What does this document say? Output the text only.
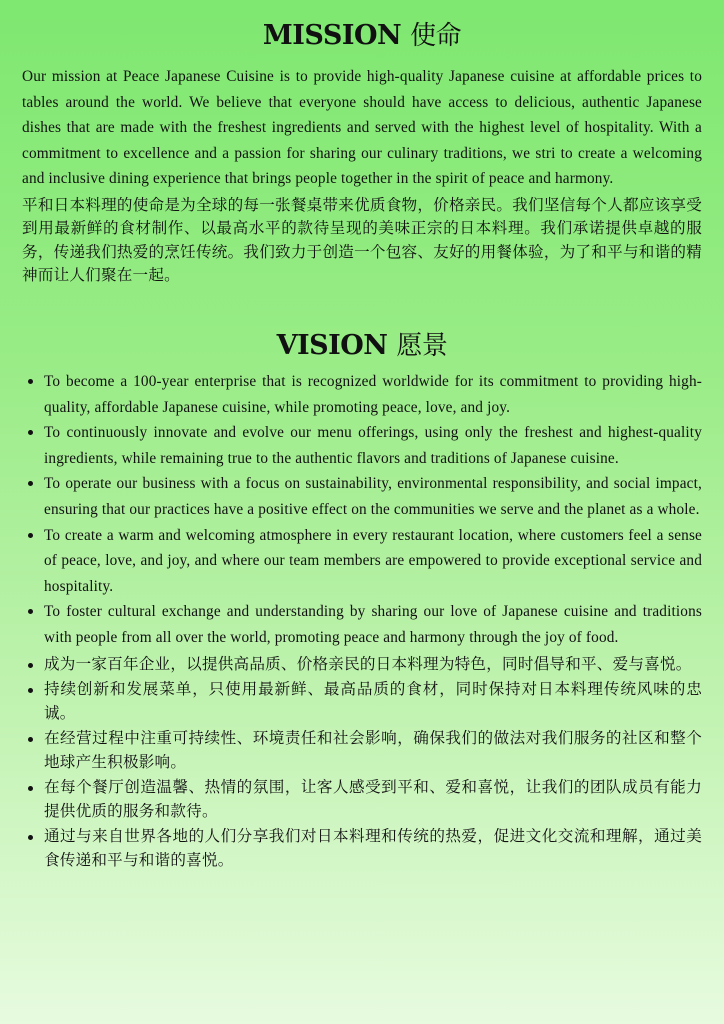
MISSION 使命

Our mission at Peace Japanese Cuisine is to provide high-quality Japanese cuisine at affordable prices to tables around the world. We believe that everyone should have access to delicious, authentic Japanese dishes that are made with the freshest ingredients and served with the highest level of hospitality. With a commitment to excellence and a passion for sharing our culinary traditions, we stri to create a welcoming and inclusive dining experience that brings people together in the spirit of peace and harmony.

平和日本料理的使命是为全球的每一张餐桌带来优质食物，价格亲民。我们坚信每个人都应该享受到用最新鲜的食材制作、以最高水平的款待呈现的美味正宗的日本料理。我们承诺提供卓越的服务，传递我们热爱的烹饪传统。我们致力于创造一个包容、友好的用餐体验，为了和平与和谐的精神而让人们聚在一起。

VISION 愿景
To become a 100-year enterprise that is recognized worldwide for its commitment to providing high-quality, affordable Japanese cuisine, while promoting peace, love, and joy.
To continuously innovate and evolve our menu offerings, using only the freshest and highest-quality ingredients, while remaining true to the authentic flavors and traditions of Japanese cuisine.
To operate our business with a focus on sustainability, environmental responsibility, and social impact, ensuring that our practices have a positive effect on the communities we serve and the planet as a whole.
To create a warm and welcoming atmosphere in every restaurant location, where customers feel a sense of peace, love, and joy, and where our team members are empowered to provide exceptional service and hospitality.
To foster cultural exchange and understanding by sharing our love of Japanese cuisine and traditions with people from all over the world, promoting peace and harmony through the joy of food.
成为一家百年企业，以提供高品质、价格亲民的日本料理为特色，同时倡导和平、爱与喜悦。
持续创新和发展菜单，只使用最新鲜、最高品质的食材，同时保持对日本料理传统风味的忠诚。
在经营过程中注重可持续性、环境责任和社会影响，确保我们的做法对我们服务的社区和整个地球产生积极影响。
在每个餐厅创造温馨、热情的氛围，让客人感受到平和、爱和喜悦，让我们的团队成员有能力提供优质的服务和款待。
通过与来自世界各地的人们分享我们对日本料理和传统的热爱，促进文化交流和理解，通过美食传递和平与和谐的喜悦。
